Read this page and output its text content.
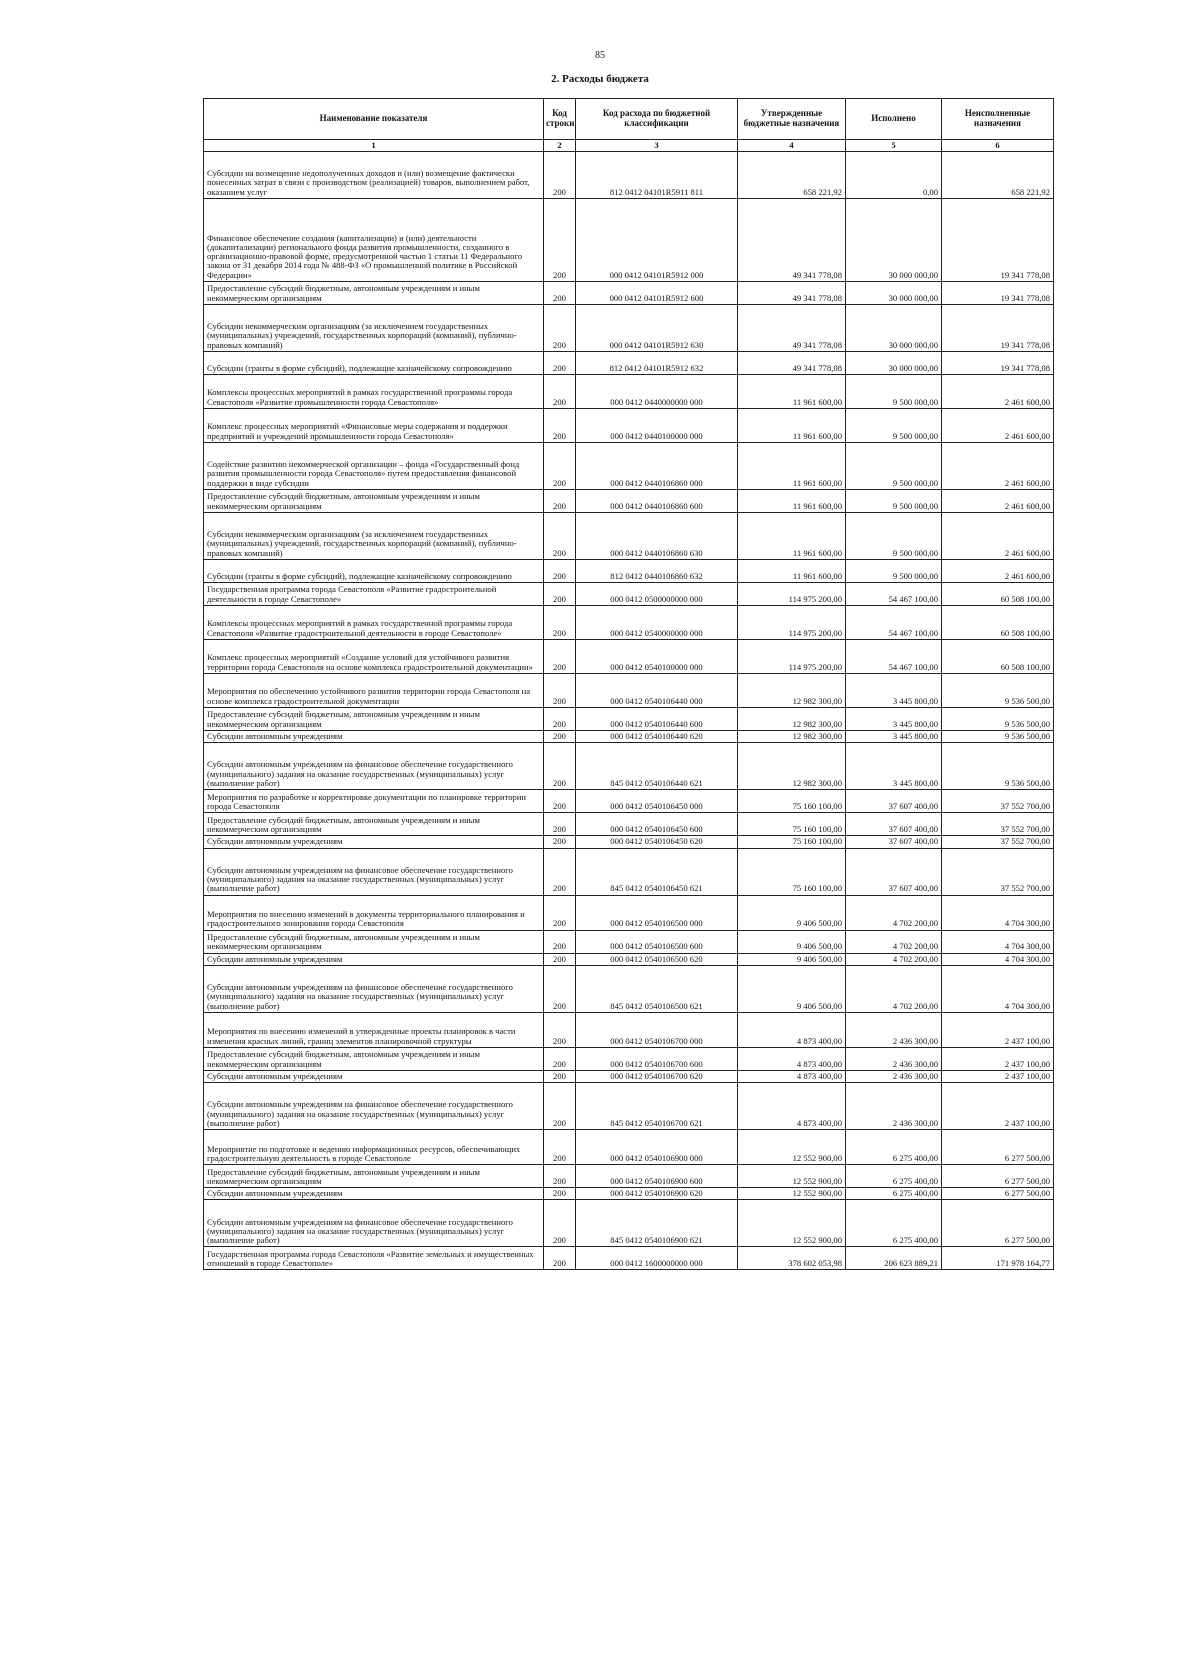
85
2. Расходы бюджета
Наименование показателя	Код строки	Код расхода по бюджетной классификации	Утвержденные бюджетные назначения	Исполнено	Неисполненные назначения
1	2	3	4	5	6
Субсидии на возмещение недополученных доходов и (или) возмещение фактически понесенных затрат в связи с производством (реализацией) товаров, выполнением работ, оказанием услуг	200	812 0412 04101R5911 811	658 221,92	0,00	658 221,92
Финансовое обеспечение создания (капитализации) и (или) деятельности (докапитализации) регионального фонда развития промышленности, созданного в организационно-правовой форме, предусмотренной частью 1 статьи 11 Федерального закона от 31 декабря 2014 года № 488-ФЗ «О промышленной политике в Российской Федерации»	200	000 0412 04101R5912 000	49 341 778,08	30 000 000,00	19 341 778,08
Предоставление субсидий бюджетным, автономным учреждениям и иным некоммерческим организациям	200	000 0412 04101R5912 600	49 341 778,08	30 000 000,00	19 341 778,08
Субсидии некоммерческим организациям (за исключением государственных (муниципальных) учреждений, государственных корпораций (компаний), публично-правовых компаний)	200	000 0412 04101R5912 630	49 341 778,08	30 000 000,00	19 341 778,08
Субсидии (гранты в форме субсидий), подлежащие казначейскому сопровождению	200	812 0412 04101R5912 632	49 341 778,08	30 000 000,00	19 341 778,08
Комплексы процессных мероприятий в рамках государственной программы города Севастополя «Развитие промышленности города Севастополя»	200	000 0412 0440000000 000	11 961 600,00	9 500 000,00	2 461 600,00
Комплекс процессных мероприятий «Финансовые меры содержания и поддержки предприятий и учреждений промышленности города Севастополя»	200	000 0412 0440100000 000	11 961 600,00	9 500 000,00	2 461 600,00
Содействие развитию некоммерческой организации – фонда «Государственный фонд развития промышленности города Севастополя» путем предоставления финансовой поддержки в виде субсидии	200	000 0412 0440106860 000	11 961 600,00	9 500 000,00	2 461 600,00
Предоставление субсидий бюджетным, автономным учреждениям и иным некоммерческим организациям	200	000 0412 0440106860 600	11 961 600,00	9 500 000,00	2 461 600,00
Субсидии некоммерческим организациям (за исключением государственных (муниципальных) учреждений, государственных корпораций (компаний), публично-правовых компаний)	200	000 0412 0440106860 630	11 961 600,00	9 500 000,00	2 461 600,00
Субсидии (гранты в форме субсидий), подлежащие казначейскому сопровождению	200	812 0412 0440106860 632	11 961 600,00	9 500 000,00	2 461 600,00
Государственная программа города Севастополя «Развитие градостроительной деятельности в городе Севастополе»	200	000 0412 0500000000 000	114 975 200,00	54 467 100,00	60 508 100,00
Комплексы процессных мероприятий в рамках государственной программы города Севастополя «Развитие градостроительной деятельности в городе Севастополе»	200	000 0412 0540000000 000	114 975 200,00	54 467 100,00	60 508 100,00
Комплекс процессных мероприятий «Создание условий для устойчивого развития территории города Севастополя на основе комплекса градостроительной документации»	200	000 0412 0540100000 000	114 975 200,00	54 467 100,00	60 508 100,00
Мероприятия по обеспечению устойчивого развития территории города Севастополя на основе комплекса градостроительной документации	200	000 0412 0540106440 000	12 982 300,00	3 445 800,00	9 536 500,00
Предоставление субсидий бюджетным, автономным учреждениям и иным некоммерческим организациям	200	000 0412 0540106440 600	12 982 300,00	3 445 800,00	9 536 500,00
Субсидии автономным учреждениям	200	000 0412 0540106440 620	12 982 300,00	3 445 800,00	9 536 500,00
Субсидии автономным учреждениям на финансовое обеспечение государственного (муниципального) задания на оказание государственных (муниципальных) услуг (выполнение работ)	200	845 0412 0540106440 621	12 982 300,00	3 445 800,00	9 536 500,00
Мероприятия по разработке и корректировке документации по планировке территории города Севастополя	200	000 0412 0540106450 000	75 160 100,00	37 607 400,00	37 552 700,00
Предоставление субсидий бюджетным, автономным учреждениям и иным некоммерческим организациям	200	000 0412 0540106450 600	75 160 100,00	37 607 400,00	37 552 700,00
Субсидии автономным учреждениям	200	000 0412 0540106450 620	75 160 100,00	37 607 400,00	37 552 700,00
Субсидии автономным учреждениям на финансовое обеспечение государственного (муниципального) задания на оказание государственных (муниципальных) услуг (выполнение работ)	200	845 0412 0540106450 621	75 160 100,00	37 607 400,00	37 552 700,00
Мероприятия по внесению изменений в документы территориального планирования и градостроительного зонирования города Севастополя	200	000 0412 0540106500 000	9 406 500,00	4 702 200,00	4 704 300,00
Предоставление субсидий бюджетным, автономным учреждениям и иным некоммерческим организациям	200	000 0412 0540106500 600	9 406 500,00	4 702 200,00	4 704 300,00
Субсидии автономным учреждениям	200	000 0412 0540106500 620	9 406 500,00	4 702 200,00	4 704 300,00
Субсидии автономным учреждениям на финансовое обеспечение государственного (муниципального) задания на оказание государственных (муниципальных) услуг (выполнение работ)	200	845 0412 0540106500 621	9 406 500,00	4 702 200,00	4 704 300,00
Мероприятия по внесению изменений в утвержденные проекты планировок в части изменения красных линий, границ элементов планировочной структуры	200	000 0412 0540106700 000	4 873 400,00	2 436 300,00	2 437 100,00
Предоставление субсидий бюджетным, автономным учреждениям и иным некоммерческим организациям	200	000 0412 0540106700 600	4 873 400,00	2 436 300,00	2 437 100,00
Субсидии автономным учреждениям	200	000 0412 0540106700 620	4 873 400,00	2 436 300,00	2 437 100,00
Субсидии автономным учреждениям на финансовое обеспечение государственного (муниципального) задания на оказание государственных (муниципальных) услуг (выполнение работ)	200	845 0412 0540106700 621	4 873 400,00	2 436 300,00	2 437 100,00
Мероприятие по подготовке и ведению информационных ресурсов, обеспечивающих градостроительную деятельность в городе Севастополе	200	000 0412 0540106900 000	12 552 900,00	6 275 400,00	6 277 500,00
Предоставление субсидий бюджетным, автономным учреждениям и иным некоммерческим организациям	200	000 0412 0540106900 600	12 552 900,00	6 275 400,00	6 277 500,00
Субсидии автономным учреждениям	200	000 0412 0540106900 620	12 552 900,00	6 275 400,00	6 277 500,00
Субсидии автономным учреждениям на финансовое обеспечение государственного (муниципального) задания на оказание государственных (муниципальных) услуг (выполнение работ)	200	845 0412 0540106900 621	12 552 900,00	6 275 400,00	6 277 500,00
Государственная программа города Севастополя «Развитие земельных и имущественных отношений в городе Севастополе»	200	000 0412 1600000000 000	378 602 053,98	206 623 889,21	171 978 164,77
